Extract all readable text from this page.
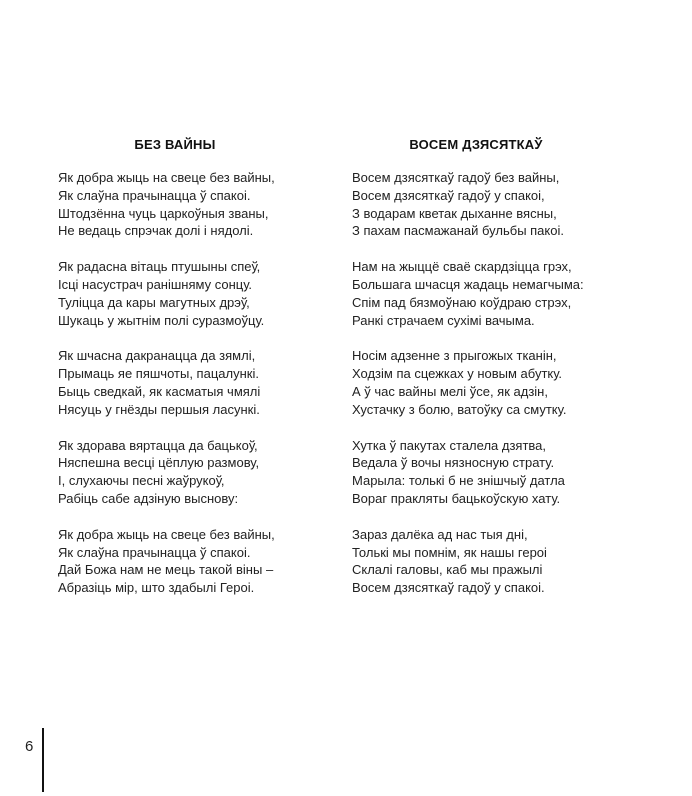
БЕЗ ВАЙНЫ
Як добра жыць на свеце без вайны,
Як слаўна прачынацца ў спакоі.
Штодзённа чуць царкоўныя званы,
Не ведаць спрэчак долі і нядолі.
Як радасна вітаць птушыны спеў,
Ісці насустрач ранішняму сонцу.
Туліцца да кары магутных дрэў,
Шукаць у жытнім полі суразмоўцу.
Як шчасна дакранацца да зямлі,
Прымаць яе пяшчоты, пацалункі.
Быць сведкай, як касматыя чмялі
Нясуць у гнёзды першыя ласункі.
Як здорава вяртацца да бацькоў,
Няспешна весці цёплую размову,
І, слухаючы песні жаўрукоў,
Рабіць сабе адзіную выснову:
Як добра жыць на свеце без вайны,
Як слаўна прачынацца ў спакоі.
Дай Божа нам не мець такой віны –
Абразіць мір, што здабылі Героі.
ВОСЕМ ДЗЯСЯТКАЎ
Восем дзясяткаў гадоў без вайны,
Восем дзясяткаў гадоў у спакоі,
З водарам кветак дыханне вясны,
З пахам пасмажанай бульбы пакоі.
Нам на жыццё сваё скардзіцца грэх,
Большага шчасця жадаць немагчыма:
Спім пад бязмоўнаю коўдраю стрэх,
Ранкі страчаем сухімі вачыма.
Носім адзенне з прыгожых тканін,
Ходзім па сцежках у новым абутку.
А ў час вайны мелі ўсе, як адзін,
Хустачку з болю, ватоўку са смутку.
Хутка ў пакутах сталела дзятва,
Ведала ў вочы нязносную страту.
Марыла: толькі б не знішчыў датла
Вораг пракляты бацькоўскую хату.
Зараз далёка ад нас тыя дні,
Толькі мы помнім, як нашы героі
Склалі галовы, каб мы пражылі
Восем дзясяткаў гадоў у спакоі.
6
